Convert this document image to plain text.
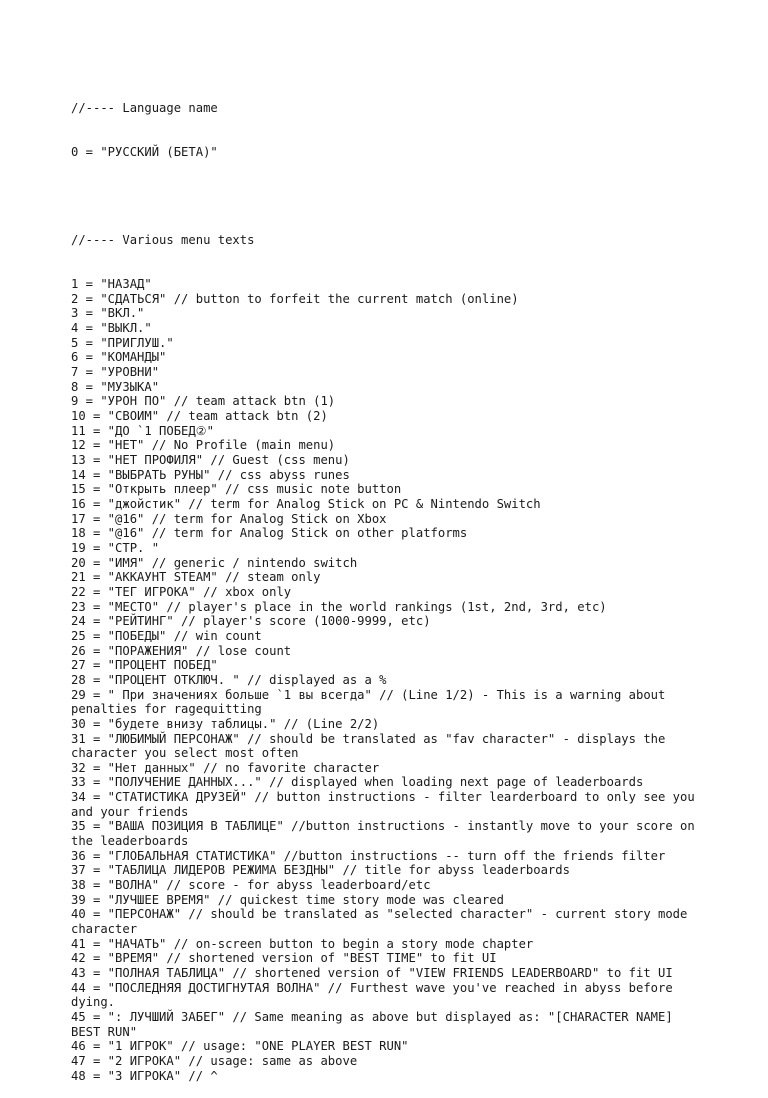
//---- Language name

0 = "РУССКИЙ (БЕТА)"

//---- Various menu texts

1 = "НАЗАД"
2 = "СДАТЬСЯ" // button to forfeit the current match (online)
3 = "ВКЛ."
4 = "ВЫКЛ."
5 = "ПРИГЛУШ."
6 = "КОМАНДЫ"
7 = "УРОВНИ"
8 = "МУЗЫКА"
9 = "УРОН ПО" // team attack btn (1)
10 = "СВОИМ" // team attack btn (2)
11 = "ДО `1 ПОБЕД②"
12 = "НЕТ" // No Profile (main menu)
13 = "НЕТ ПРОФИЛЯ" // Guest (css menu)
14 = "ВЫБРАТЬ РУНЫ" // css abyss runes
15 = "Открыть плеер" // css music note button
16 = "джойстик" // term for Analog Stick on PC & Nintendo Switch
17 = "@16" // term for Analog Stick on Xbox
18 = "@16" // term for Analog Stick on other platforms
19 = "СТР. "
20 = "ИМЯ" // generic / nintendo switch
21 = "АККАУНТ STEAM" // steam only
22 = "ТЕГ ИГРОКА" // xbox only
23 = "МЕСТО" // player's place in the world rankings (1st, 2nd, 3rd, etc)
24 = "РЕЙТИНГ" // player's score (1000-9999, etc)
25 = "ПОБЕДЫ" // win count
26 = "ПОРАЖЕНИЯ" // lose count
27 = "ПРОЦЕНТ ПОБЕД"
28 = "ПРОЦЕНТ ОТКЛЮЧ. " // displayed as a %
29 = " При значениях больше `1 вы всегда" // (Line 1/2) - This is a warning about penalties for ragequitting
30 = "будете внизу таблицы." // (Line 2/2)
31 = "ЛЮБИМЫЙ ПЕРСОНАЖ" // should be translated as "fav character" - displays the character you select most often
32 = "Нет данных" // no favorite character
33 = "ПОЛУЧЕНИЕ ДАННЫХ..." // displayed when loading next page of leaderboards
34 = "СТАТИСТИКА ДРУЗЕЙ" // button instructions - filter learderboard to only see you and your friends
35 = "ВАША ПОЗИЦИЯ В ТАБЛИЦЕ" //button instructions - instantly move to your score on the leaderboards
36 = "ГЛОБАЛЬНАЯ СТАТИСТИКА" //button instructions -- turn off the friends filter
37 = "ТАБЛИЦА ЛИДЕРОВ РЕЖИМА БЕЗДНЫ" // title for abyss leaderboards
38 = "ВОЛНА" // score - for abyss leaderboard/etc
39 = "ЛУЧШЕЕ ВРЕМЯ" // quickest time story mode was cleared
40 = "ПЕРСОНАЖ" // should be translated as "selected character" - current story mode character
41 = "НАЧАТЬ" // on-screen button to begin a story mode chapter
42 = "ВРЕМЯ" // shortened version of "BEST TIME" to fit UI
43 = "ПОЛНАЯ ТАБЛИЦА" // shortened version of "VIEW FRIENDS LEADERBOARD" to fit UI
44 = "ПОСЛЕДНЯЯ ДОСТИГНУТАЯ ВОЛНА" // Furthest wave you've reached in abyss before dying.
45 = ": ЛУЧШИЙ ЗАБЕГ" // Same meaning as above but displayed as: "[CHARACTER NAME] BEST RUN"
46 = "1 ИГРОК" // usage: "ONE PLAYER BEST RUN"
47 = "2 ИГРОКА" // usage: same as above
48 = "3 ИГРОКА" // ^
